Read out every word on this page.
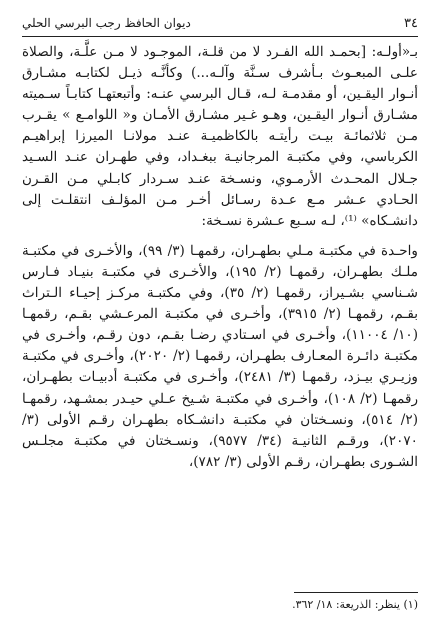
٣٤
ديوان الحافظ رجب البرسي الحلي

بـ«أولـه: [بحمـد الله الفـرد لا من قلـة، الموجـود لا مـن علَّـة، والصلاة علـى المبعـوث بـأشرف سـنَّة وآلـه...) وكأنَّـه ذيـل لكتابـه مشـارق أنـوار اليقـين، أو مقدمـة لـه، قـال البرسي عنـه: وأتبعتهـا كتابـاً سـميته مشـارق أنـوار اليقـين، وهـو غـير مشـارق الأمـان و« اللوامـع » يقـرب مـن ثلاثمائـة بيـت رأيتـه بالكاظميـة عنـد مولانـا الميرزا إبراهيـم الكرباسي، وفي مكتبـة المرجانيـة ببغـداد، وفي طهـران عنـد السـيد جـلال المحـدث الأرمـوي، ونسـخة عنـد سـردار كابـلي مـن القـرن الحـادي عـشر مـع عـدة رسـائل أخـر مـن المؤلـف انتقلـت إلى دانشـكاه» ⁽¹⁾، لـه سـبع عـشرة نسـخة:

واحـدة في مكتبـة مـلي بطهـران، رقمهـا (٣/ ٩٩)، والأخـرى في مكتبـة ملـك بطهـران، رقمهـا (٢/ ١٩٥)، والأخـرى في مكتبـة بنيـاد فـارس شـناسي بشـيراز، رقمهـا (٢/ ٣٥)، وفي مكتبـة مركـز إحيـاء الـتراث بقـم، رقمهـا (٢/ ٣٩١٥)، وأخـرى في مكتبـة المرعـشي بقـم، رقمهـا (١٠/ ١١٠٠٤)، وأخـرى في اسـتادي رضـا بقـم، دون رقـم، وأخـرى في مكتبـة دائـرة المعـارف بطهـران، رقمهـا (٢/ ٢٠٢٠)، وأخـرى في مكتبـة وزيـري بيـزد، رقمهـا (٣/ ٢٤٨١)، وأخـرى في مكتبـة أدبيـات بطهـران، رقمهـا (٢/ ١٠٨)، وأخـرى في مكتبـة شـيخ عـلي حيـدر بمشـهد، رقمهـا (٢/ ٥١٤)، ونسـختان في مكتبـة دانشـكاه بطهـران رقـم الأولى (٣/ ٢٠٧٠)، ورقـم الثانيـة (٣٤/ ٩٥٧٧)، ونسـختان في مكتبـة مجلـس الشـورى بطهـران، رقـم الأولى (٣/ ٧٨٢)،

(١) ينظر: الذريعة: ١٨/ ٣٦٢.
